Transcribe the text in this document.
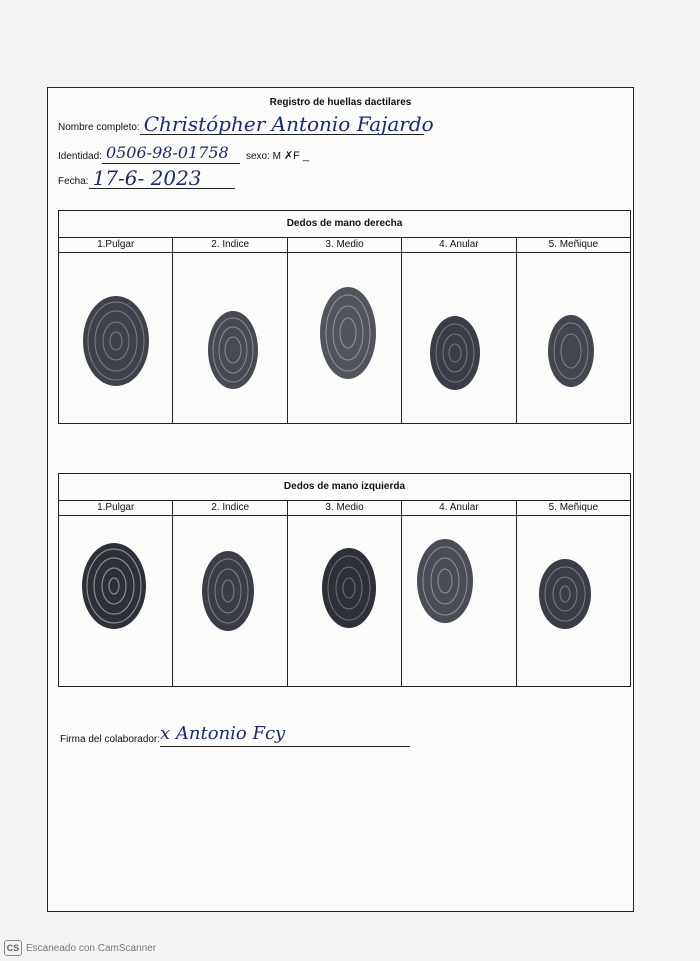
Registro de huellas dactilares
Nombre completo: Christópher Antonio Fajardo
Identidad: 0506-98-01758	sexo: M ✗F _
Fecha: 17-6- 2023
Dedos de mano derecha
1.Pulgar	2. Indice	3. Medio	4. Anular	5. Meñique
Dedos de mano izquierda
1.Pulgar	2. Indice	3. Medio	4. Anular	5. Meñique
Firma del colaborador: x Antonio Fcy
CS Escaneado con CamScanner
